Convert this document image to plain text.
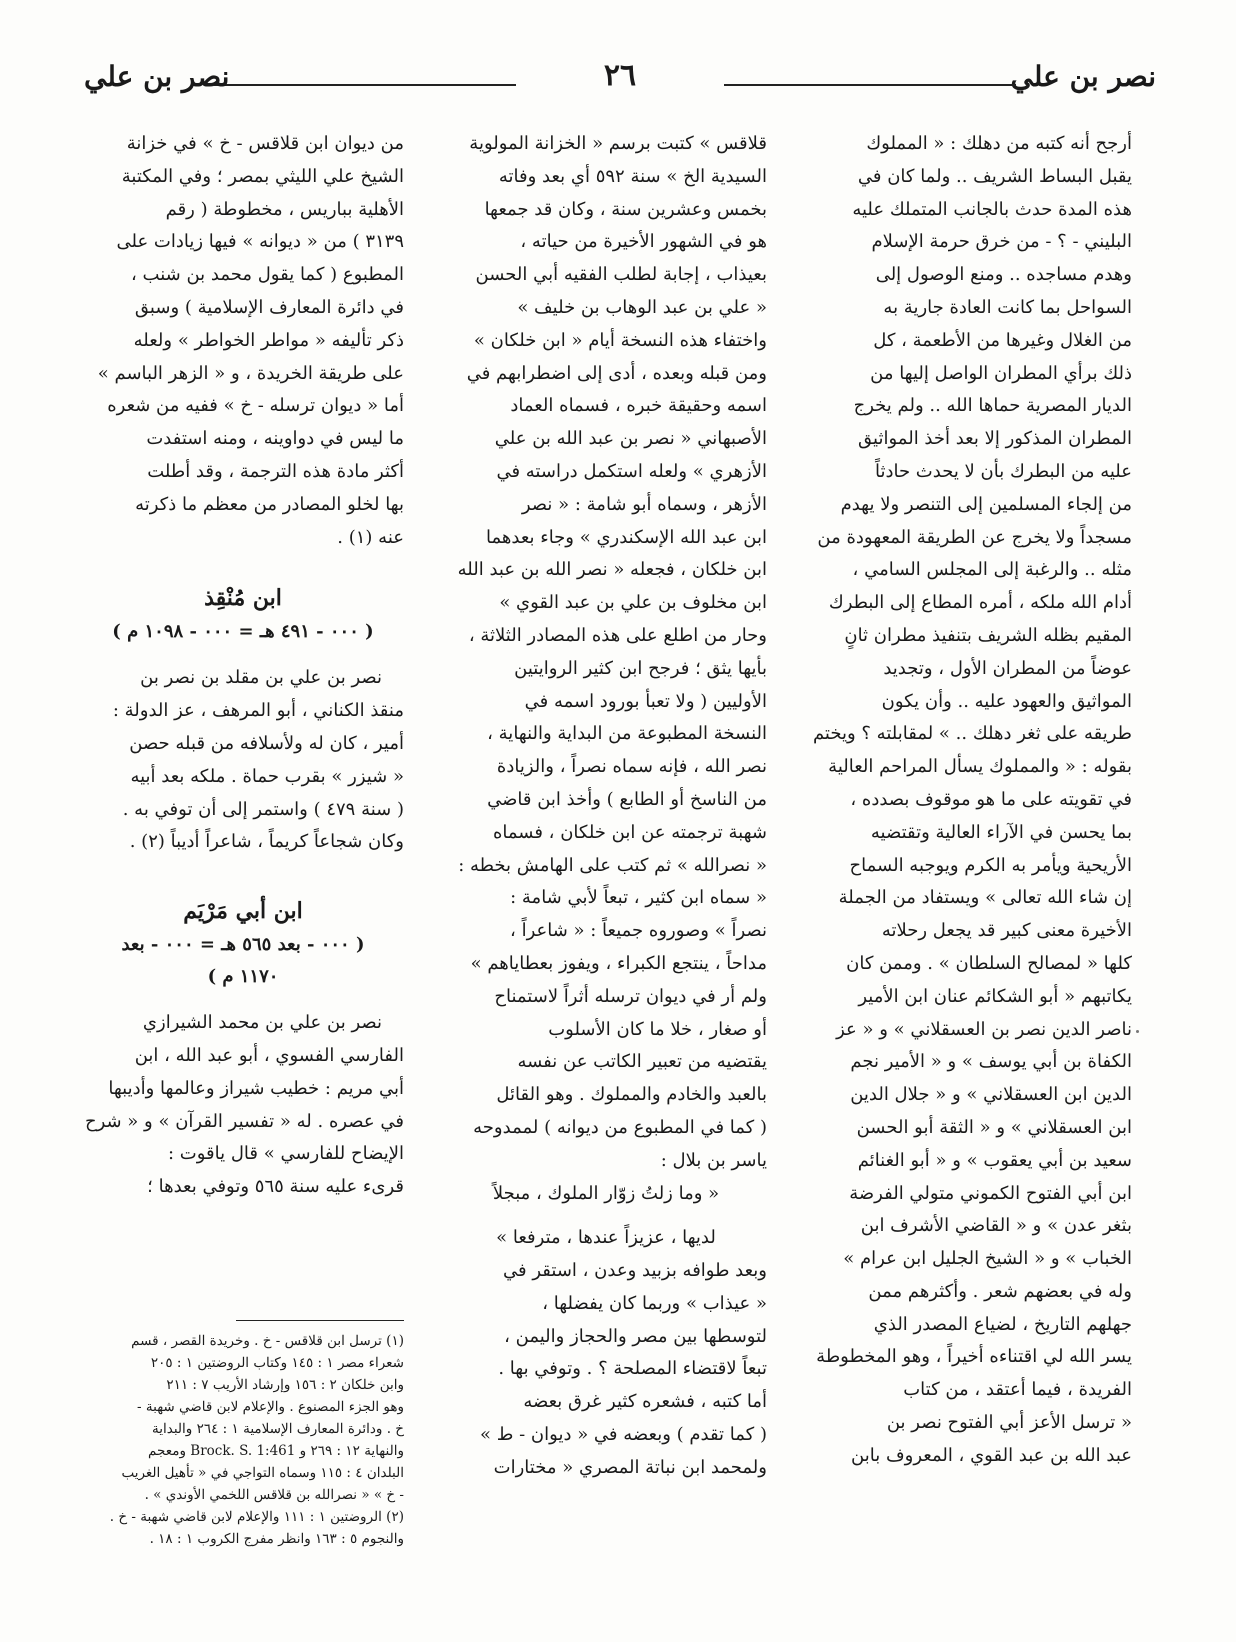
نصر بن علي
٢٦
نصر بن علي

أرجح أنه كتبه من دهلك : « المملوك

يقبل البساط الشريف .. ولما كان في

هذه المدة حدث بالجانب المتملك عليه

البليني - ؟ - من خرق حرمة الإسلام

وهدم مساجده .. ومنع الوصول إلى

السواحل بما كانت العادة جارية به

من الغلال وغيرها من الأطعمة ، كل

ذلك برأي المطران الواصل إليها من

الديار المصرية حماها الله .. ولم يخرج

المطران المذكور إلا بعد أخذ المواثيق

عليه من البطرك بأن لا يحدث حادثاً

من إلجاء المسلمين إلى التنصر ولا يهدم

مسجداً ولا يخرج عن الطريقة المعهودة من

مثله .. والرغبة إلى المجلس السامي ،

أدام الله ملكه ، أمره المطاع إلى البطرك

المقيم بظله الشريف بتنفيذ مطران ثانٍ

عوضاً من المطران الأول ، وتجديد

المواثيق والعهود عليه .. وأن يكون

طريقه على ثغر دهلك .. » لمقابلته ؟ ويختم

بقوله : « والمملوك يسأل المراحم العالية

في تقويته على ما هو موقوف بصدده ،

بما يحسن في الآراء العالية وتقتضيه

الأريحية ويأمر به الكرم ويوجبه السماح

إن شاء الله تعالى » ويستفاد من الجملة

الأخيرة معنى كبير قد يجعل رحلاته

كلها « لمصالح السلطان » . وممن كان

يكاتبهم « أبو الشكائم عنان ابن الأمير

ناصر الدين نصر بن العسقلاني » و « عز

الكفاة بن أبي يوسف » و « الأمير نجم

الدين ابن العسقلاني » و « جلال الدين

ابن العسقلاني » و « الثقة أبو الحسن

سعيد بن أبي يعقوب » و « أبو الغنائم

ابن أبي الفتوح الكموني متولي الفرضة

بثغر عدن » و « القاضي الأشرف ابن

الخباب » و « الشيخ الجليل ابن عرام »

وله في بعضهم شعر . وأكثرهم ممن

جهلهم التاريخ ، لضياع المصدر الذي

يسر الله لي اقتناءه أخيراً ، وهو المخطوطة

الفريدة ، فيما أعتقد ، من كتاب

« ترسل الأعز أبي الفتوح نصر بن

عبد الله بن عبد القوي ، المعروف بابن

قلاقس » كتبت برسم « الخزانة المولوية

السيدية الخ » سنة ٥٩٢ أي بعد وفاته

بخمس وعشرين سنة ، وكان قد جمعها

هو في الشهور الأخيرة من حياته ،

بعيذاب ، إجابة لطلب الفقيه أبي الحسن

« علي بن عبد الوهاب بن خليف »

واختفاء هذه النسخة أيام « ابن خلكان »

ومن قبله وبعده ، أدى إلى اضطرابهم في

اسمه وحقيقة خبره ، فسماه العماد

الأصبهاني « نصر بن عبد الله بن علي

الأزهري » ولعله استكمل دراسته في

الأزهر ، وسماه أبو شامة : « نصر

ابن عبد الله الإسكندري » وجاء بعدهما

ابن خلكان ، فجعله « نصر الله بن عبد الله

ابن مخلوف بن علي بن عبد القوي »

وحار من اطلع على هذه المصادر الثلاثة ،

بأيها يثق ؛ فرجح ابن كثير الروايتين

الأوليين ( ولا تعبأ بورود اسمه في

النسخة المطبوعة من البداية والنهاية ،

نصر الله ، فإنه سماه نصراً ، والزيادة

من الناسخ أو الطابع ) وأخذ ابن قاضي

شهبة ترجمته عن ابن خلكان ، فسماه

« نصرالله » ثم كتب على الهامش بخطه :

« سماه ابن كثير ، تبعاً لأبي شامة :

نصراً » وصوروه جميعاً : « شاعراً ،

مداحاً ، ينتجع الكبراء ، ويفوز بعطاياهم »

ولم أر في ديوان ترسله أثراً لاستمناح

أو صغار ، خلا ما كان الأسلوب

يقتضيه من تعبير الكاتب عن نفسه

بالعبد والخادم والمملوك . وهو القائل

( كما في المطبوع من ديوانه ) لممدوحه

ياسر بن بلال :

« وما زلتُ زوّار الملوك ، مبجلاً

لديها ، عزيزاً عندها ، مترفعا »

وبعد طوافه بزبيد وعدن ، استقر في

« عيذاب » وربما كان يفضلها ،

لتوسطها بين مصر والحجاز واليمن ،

تبعاً لاقتضاء المصلحة ؟ . وتوفي بها .

أما كتبه ، فشعره كثير غرق بعضه

( كما تقدم ) وبعضه في « ديوان - ط »

ولمحمد ابن نباتة المصري « مختارات

من ديوان ابن قلاقس - خ » في خزانة

الشيخ علي الليثي بمصر ؛ وفي المكتبة

الأهلية بباريس ، مخطوطة ( رقم

٣١٣٩ ) من « ديوانه » فيها زيادات على

المطبوع ( كما يقول محمد بن شنب ،

في دائرة المعارف الإسلامية ) وسبق

ذكر تأليفه « مواطر الخواطر » ولعله

على طريقة الخريدة ، و « الزهر الباسم »

أما « ديوان ترسله - خ » ففيه من شعره

ما ليس في دواوينه ، ومنه استفدت

أكثر مادة هذه الترجمة ، وقد أطلت

بها لخلو المصادر من معظم ما ذكرته

عنه (١) .

ابن مُنْقِذ
( ٠٠٠ - ٤٩١ هـ = ٠٠٠ - ١٠٩٨ م )

نصر بن علي بن مقلد بن نصر بن

منقذ الكناني ، أبو المرهف ، عز الدولة :

أمير ، كان له ولأسلافه من قبله حصن

« شيزر » بقرب حماة . ملكه بعد أبيه

( سنة ٤٧٩ ) واستمر إلى أن توفي به .

وكان شجاعاً كريماً ، شاعراً أديباً (٢) .

ابن أبي مَرْيَم
( ٠٠٠ - بعد ٥٦٥ هـ = ٠٠٠ - بعد
١١٧٠ م )

نصر بن علي بن محمد الشيرازي

الفارسي الفسوي ، أبو عبد الله ، ابن

أبي مريم : خطيب شيراز وعالمها وأديبها

في عصره . له « تفسير القرآن » و « شرح

الإيضاح للفارسي » قال ياقوت :

قرىء عليه سنة ٥٦٥ وتوفي بعدها ؛

(١) ترسل ابن قلاقس - خ . وخريدة القصر ، قسم

شعراء مصر ١ : ١٤٥ وكتاب الروضتين ١ : ٢٠٥

وابن خلكان ٢ : ١٥٦ وإرشاد الأريب ٧ : ٢١١

وهو الجزء المصنوع . والإعلام لابن قاضي شهبة -

خ . ودائرة المعارف الإسلامية ١ : ٢٦٤ والبداية

والنهاية ١٢ : ٢٦٩ و Brock. S. 1:461 ومعجم

البلدان ٤ : ١١٥ وسماه التواجي في « تأهيل الغريب

- خ » « نصرالله بن قلاقس اللخمي الأوندي » .

(٢) الروضتين ١ : ١١١ والإعلام لابن قاضي شهبة - خ .

والنجوم ٥ : ١٦٣ وانظر مفرج الكروب ١ : ١٨ .
